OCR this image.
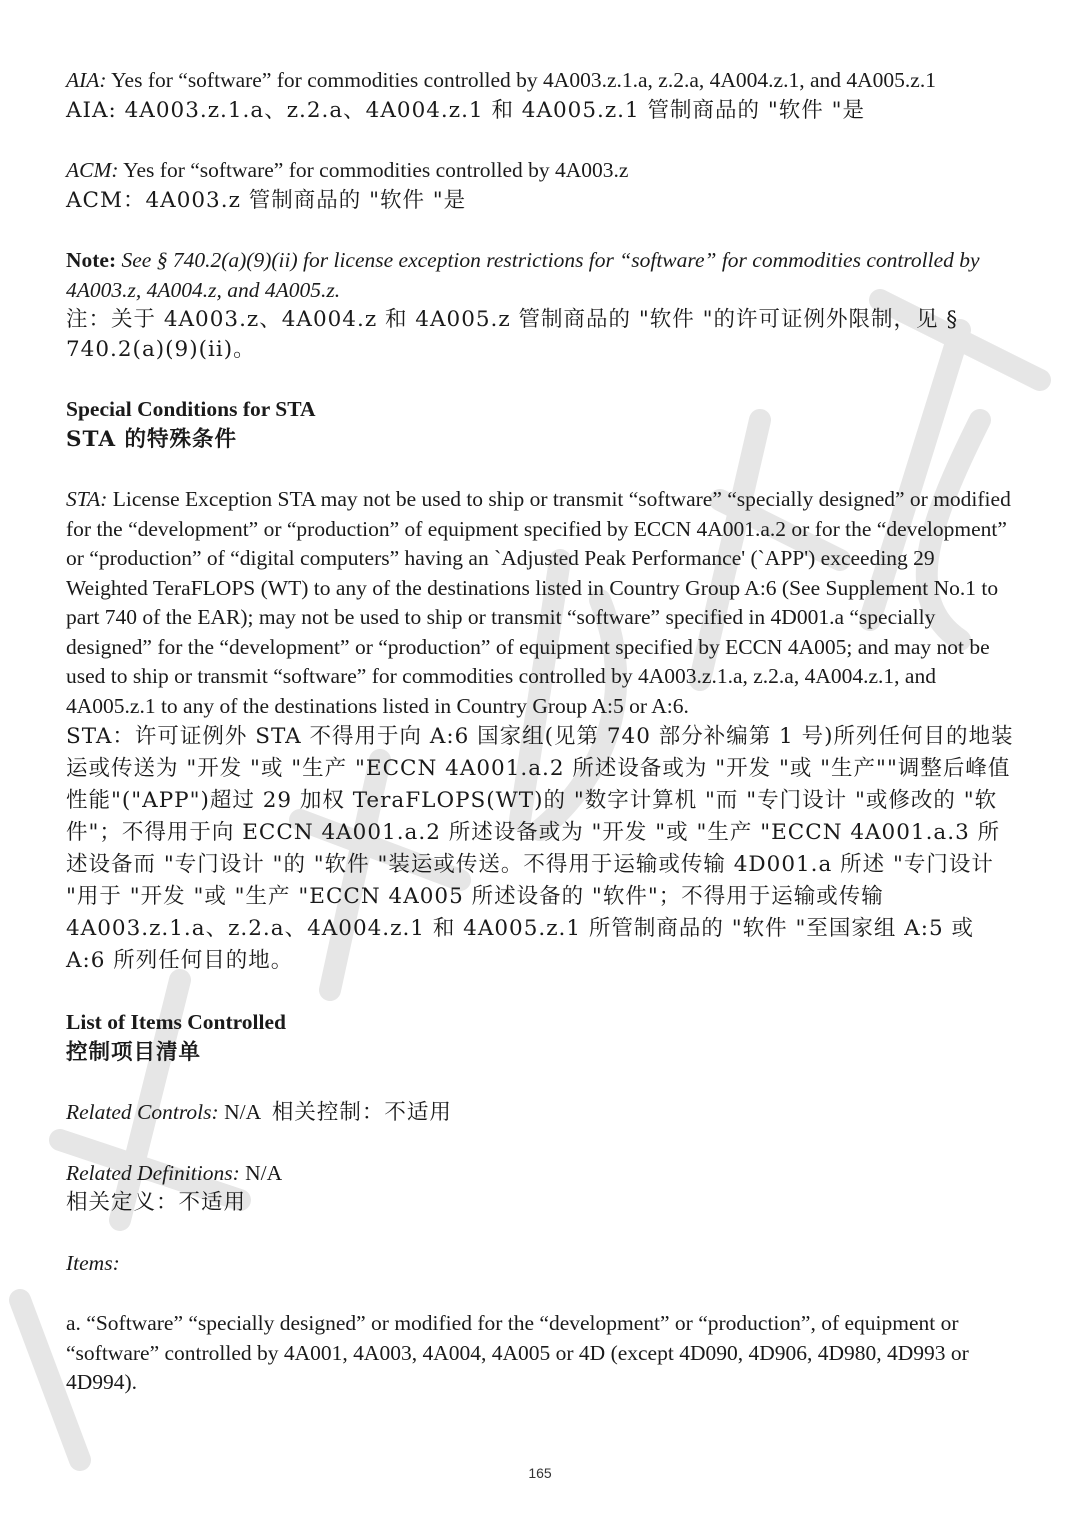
AIA: Yes for “software” for commodities controlled by 4A003.z.1.a, z.2.a, 4A004.z.1, and 4A005.z.1

AIA: 4A003.z.1.a、z.2.a、4A004.z.1 和 4A005.z.1 管制商品的 "软件 "是

ACM: Yes for “software” for commodities controlled by 4A003.z

ACM：4A003.z 管制商品的 "软件 "是

Note: See § 740.2(a)(9)(ii) for license exception restrictions for “software” for commodities controlled by 4A003.z, 4A004.z, and 4A005.z.

注：关于 4A003.z、4A004.z 和 4A005.z 管制商品的 "软件 "的许可证例外限制，见 § 740.2(a)(9)(ii)。

Special Conditions for STA

STA 的特殊条件

STA: License Exception STA may not be used to ship or transmit “software” “specially designed” or modified for the “development” or “production” of equipment specified by ECCN 4A001.a.2 or for the “development” or “production” of “digital computers” having an `Adjusted Peak Performance' (`APP') exceeding 29 Weighted TeraFLOPS (WT) to any of the destinations listed in Country Group A:6 (See Supplement No.1 to part 740 of the EAR); may not be used to ship or transmit “software” specified in 4D001.a “specially designed” for the “development” or “production” of equipment specified by ECCN 4A005; and may not be used to ship or transmit “software” for commodities controlled by 4A003.z.1.a, z.2.a, 4A004.z.1, and 4A005.z.1 to any of the destinations listed in Country Group A:5 or A:6.

STA：许可证例外 STA 不得用于向 A:6 国家组(见第 740 部分补编第 1 号)所列任何目的地装运或传送为 "开发 "或 "生产 "ECCN 4A001.a.2 所述设备或为 "开发 "或 "生产""调整后峰值性能"("APP")超过 29 加权 TeraFLOPS(WT)的 "数字计算机 "而 "专门设计 "或修改的 "软件"；不得用于向 ECCN 4A001.a.2 所述设备或为 "开发 "或 "生产 "ECCN 4A001.a.3 所述设备而 "专门设计 "的 "软件 "装运或传送。不得用于运输或传输 4D001.a 所述 "专门设计 "用于 "开发 "或 "生产 "ECCN 4A005 所述设备的 "软件"；不得用于运输或传输 4A003.z.1.a、z.2.a、4A004.z.1 和 4A005.z.1 所管制商品的 "软件 "至国家组 A:5 或 A:6 所列任何目的地。

List of Items Controlled

控制项目清单

Related Controls: N/A 相关控制：不适用

Related Definitions: N/A

相关定义：不适用

Items:

a. “Software” “specially designed” or modified for the “development” or “production”, of equipment or “software” controlled by 4A001, 4A003, 4A004, 4A005 or 4D (except 4D090, 4D906, 4D980, 4D993 or 4D994).

165
